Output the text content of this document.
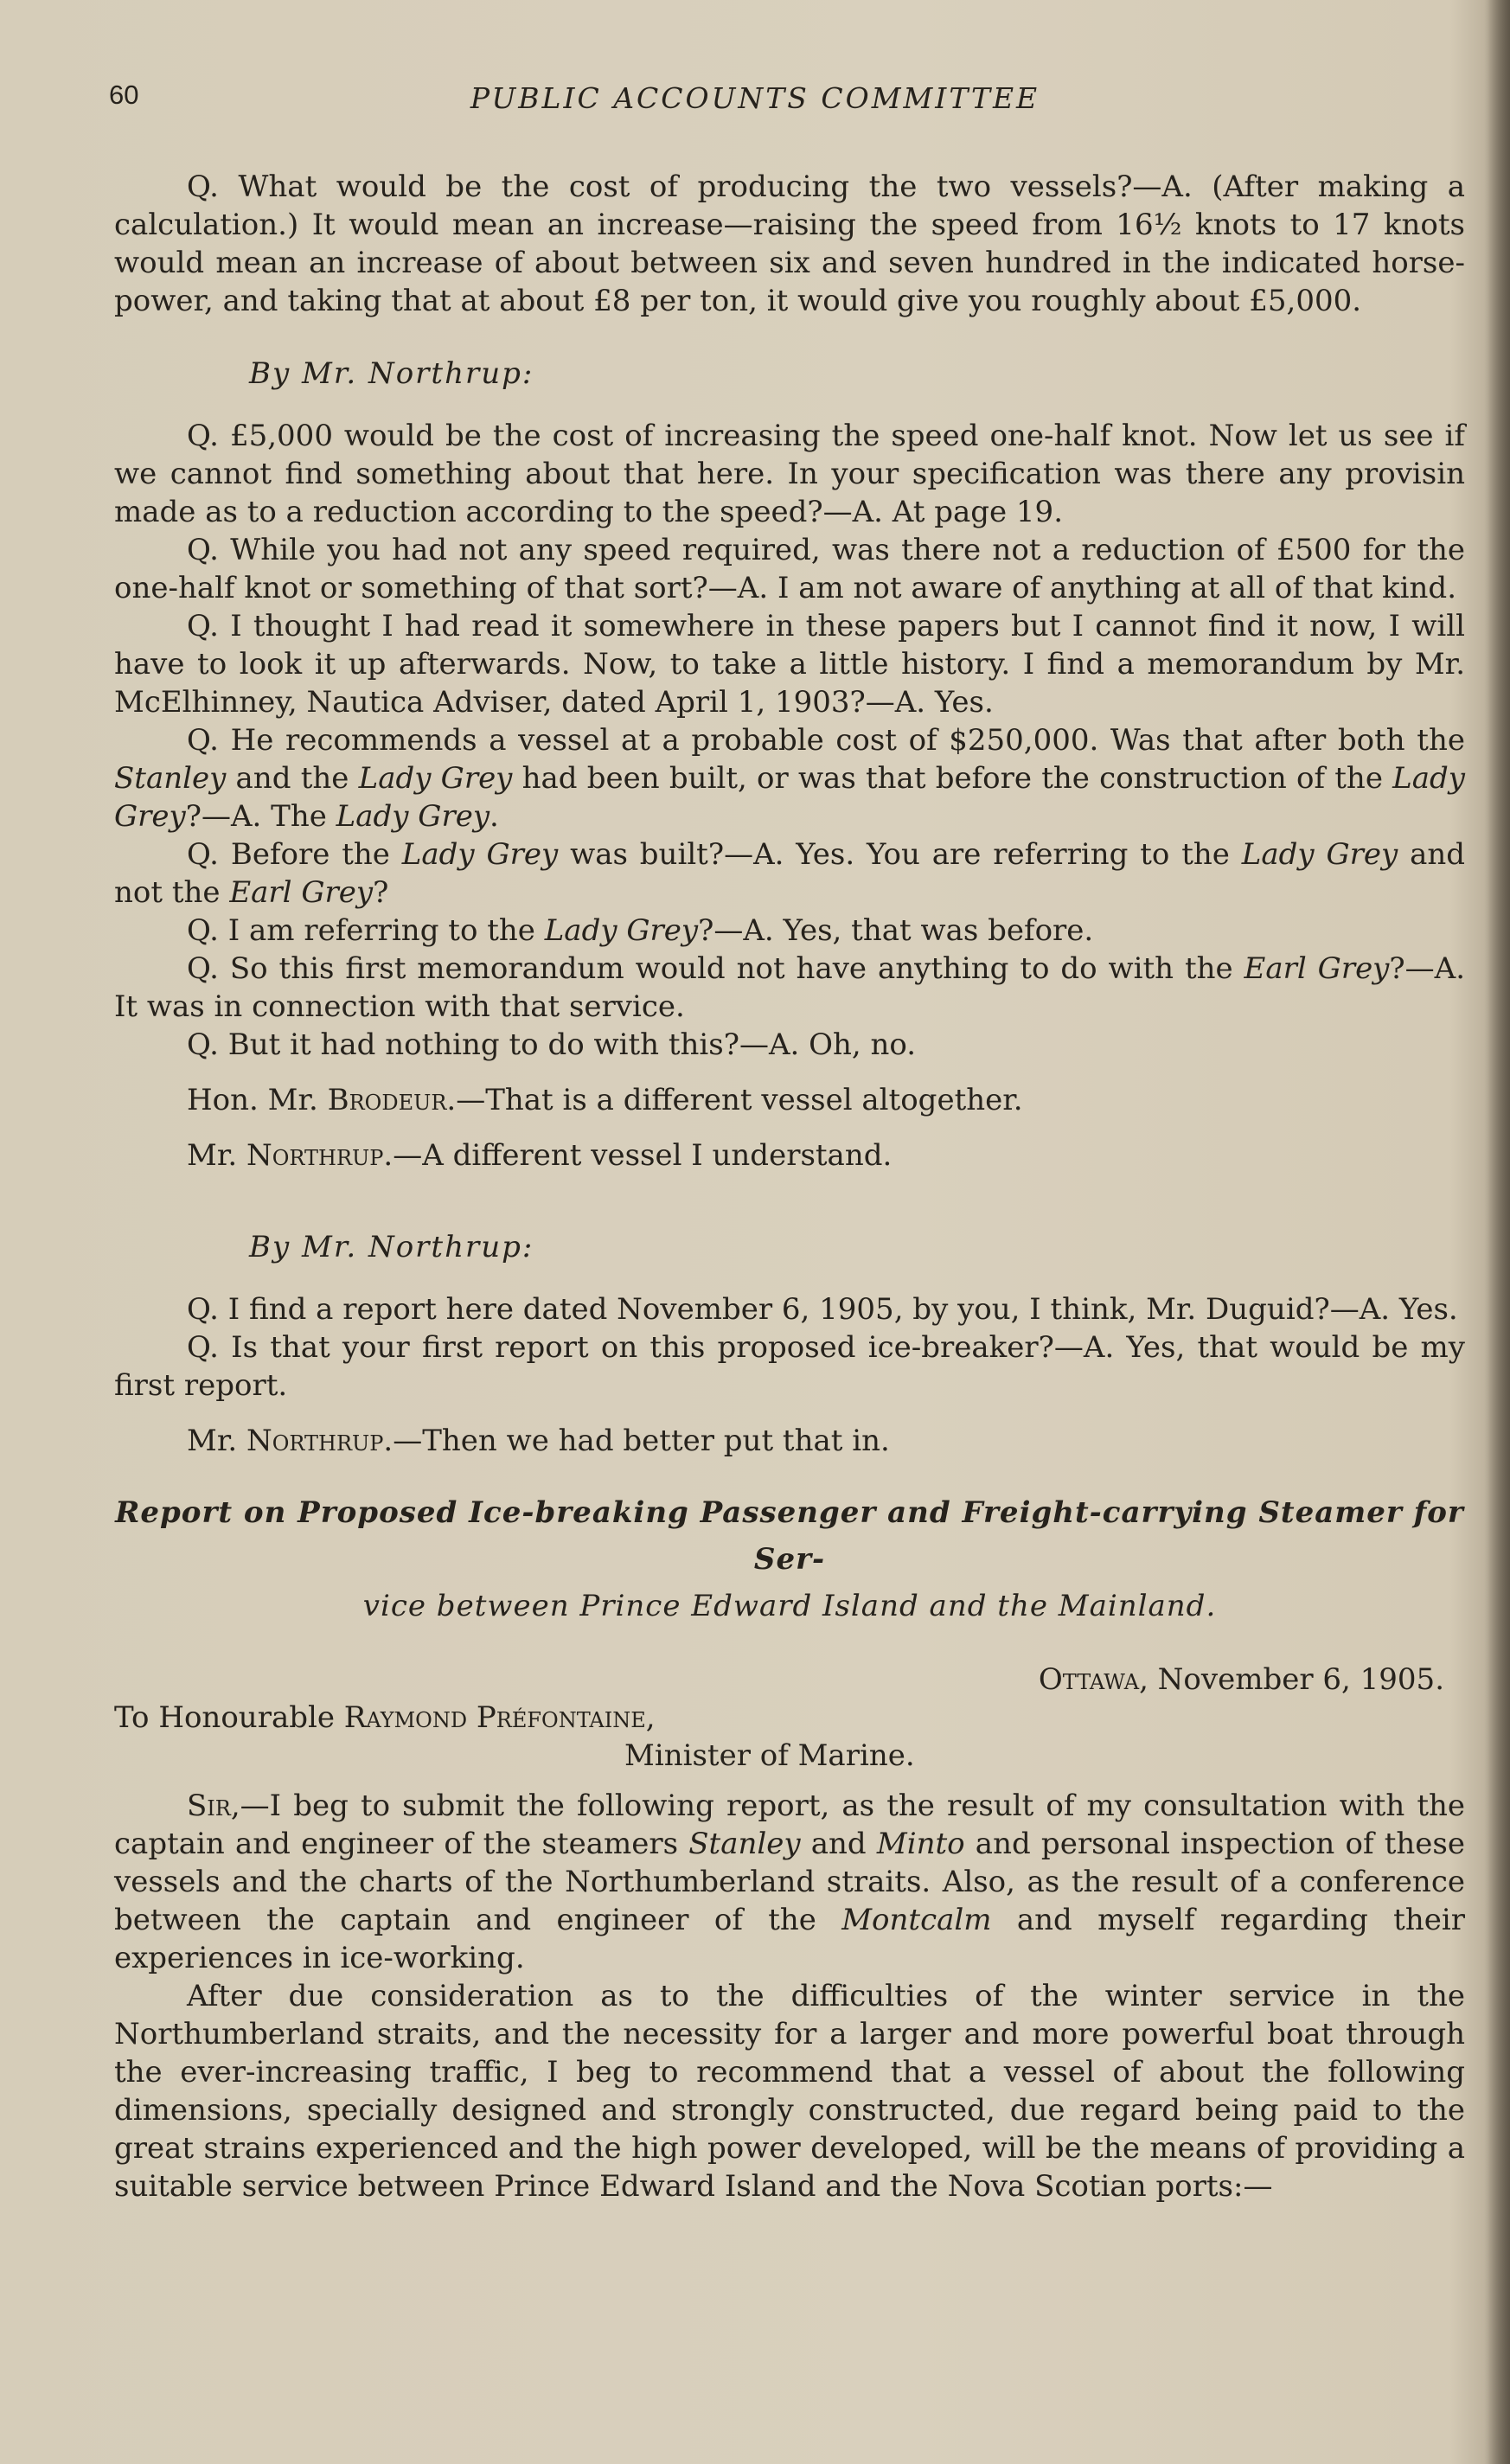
60	PUBLIC ACCOUNTS COMMITTEE

Q. What would be the cost of producing the two vessels?—A. (After making a calculation.) It would mean an increase—raising the speed from 16½ knots to 17 knots would mean an increase of about between six and seven hundred in the indicated horse-power, and taking that at about £8 per ton, it would give you roughly about £5,000.

By Mr. Northrup:

Q. £5,000 would be the cost of increasing the speed one-half knot. Now let us see if we cannot find something about that here. In your specification was there any provisin made as to a reduction according to the speed?—A. At page 19.

Q. While you had not any speed required, was there not a reduction of £500 for the one-half knot or something of that sort?—A. I am not aware of anything at all of that kind.

Q. I thought I had read it somewhere in these papers but I cannot find it now, I will have to look it up afterwards. Now, to take a little history. I find a memorandum by Mr. McElhinney, Nautica Adviser, dated April 1, 1903?—A. Yes.

Q. He recommends a vessel at a probable cost of $250,000. Was that after both the Stanley and the Lady Grey had been built, or was that before the construction of the Lady Grey?—A. The Lady Grey.

Q. Before the Lady Grey was built?—A. Yes. You are referring to the Lady Grey and not the Earl Grey?

Q. I am referring to the Lady Grey?—A. Yes, that was before.

Q. So this first memorandum would not have anything to do with the Earl Grey?—A. It was in connection with that service.

Q. But it had nothing to do with this?—A. Oh, no.

Hon. Mr. Brodeur.—That is a different vessel altogether.

Mr. Northrup.—A different vessel I understand.

By Mr. Northrup:

Q. I find a report here dated November 6, 1905, by you, I think, Mr. Duguid?—A. Yes.

Q. Is that your first report on this proposed ice-breaker?—A. Yes, that would be my first report.

Mr. Northrup.—Then we had better put that in.

Report on Proposed Ice-breaking Passenger and Freight-carrying Steamer for Ser-
vice between Prince Edward Island and the Mainland.

Ottawa, November 6, 1905.

To Honourable Raymond Préfontaine,

Minister of Marine.

Sir,—I beg to submit the following report, as the result of my consultation with the captain and engineer of the steamers Stanley and Minto and personal inspection of these vessels and the charts of the Northumberland straits. Also, as the result of a conference between the captain and engineer of the Montcalm and myself regarding their experiences in ice-working.

After due consideration as to the difficulties of the winter service in the Northumberland straits, and the necessity for a larger and more powerful boat through the ever-increasing traffic, I beg to recommend that a vessel of about the following dimensions, specially designed and strongly constructed, due regard being paid to the great strains experienced and the high power developed, will be the means of providing a suitable service between Prince Edward Island and the Nova Scotian ports:—
